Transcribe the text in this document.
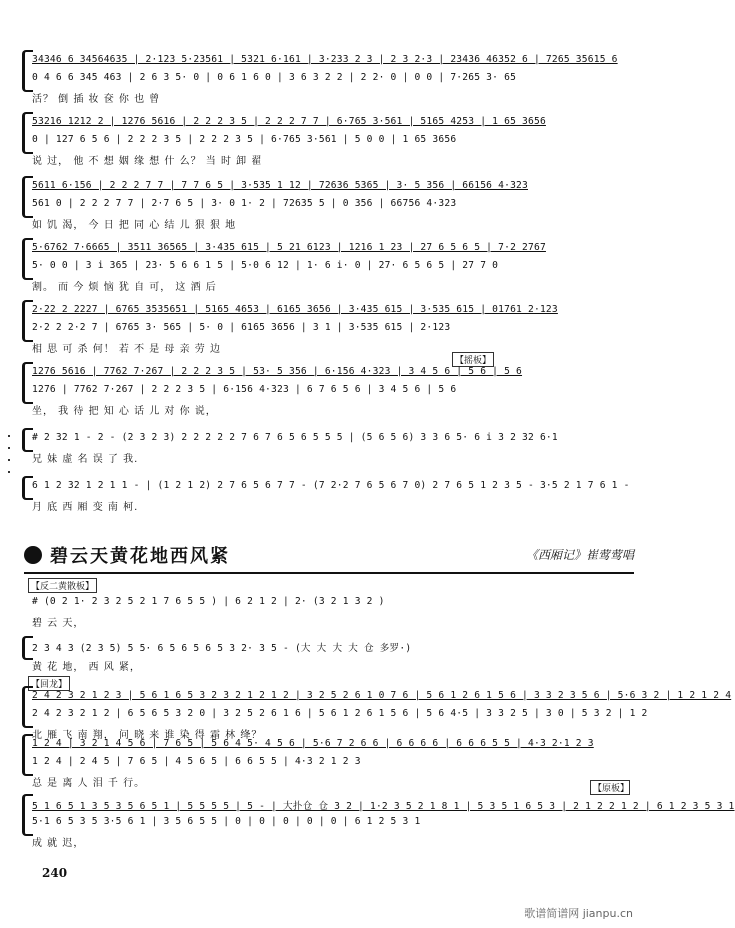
34346 6 34564635 | 2·123 5·23561 | 5321 6·161 | 3·233 2 3 | 2 3 2·3 | 23436 46352 6 | 7265 35615 6
0 4 6 6 345 463 | 2 6 3 5· 0 | 0 6 1 6 0 | 3 6 3 2 2 | 2 2· 0 | 0 0 | 7·265 3· 65
活？ 倒 插 妆 奁 你 也 曾
53216 1212 2 | 1276 5616 | 2 2 2 3 5 | 2 2 2 7 7 | 6·765 3·561 | 5165 4253 | 1 65 3656
0 | 127 6 5 6 | 2 2 2 3 5 | 2 2 2 3 5 | 6·765 3·561 | 5 0 0 | 1 65 3656
说 过， 他 不 想 姻 缘 想 什 么？ 当 时 卸 翟
5611 6·156 | 2 2 2 7 7 | 7 7 6 5 | 3·535 1 12 | 72636 5365 | 3· 5 356 | 66156 4·323
561 0 | 2 2 2 7 7 | 2·7 6 5 | 3· 0 1· 2 | 72635 5 | 0 356 | 66756 4·323
如 饥 渴， 今 日 把 同 心 结 儿 狠 狠 地
5·6762 7·6665 | 3511 36565 | 3·435 615 | 5 21 6123 | 1216 1 23 | 27 6 5 6 5 | 7·2 2767
5· 0 0 | 3 i 365 | 23· 5 6 6 1 5 | 5·0 6 12 | 1· 6 i· 0 | 27· 6 5 6 5 | 27 7 0
割。 而 今 烦 恼 犹 自 可， 这 酒 后
2·22 2 2227 | 6765 3535651 | 5165 4653 | 6165 3656 | 3·435 615 | 3·535 615 | 01761 2·123
2·2 2 2·2 7 | 6765 3· 565 | 5· 0 | 6165 3656 | 3 1 | 3·535 615 | 2·123
相 思 可 杀 何！ 若 不 是 母 亲 劳 边
【摇板】
1276 5616 | 7762 7·267 | 2 2 2 3 5 | 53· 5 356 | 6·156 4·323 | 3 4 5 6 | 5 6 | 5 6
1276 | 7762 7·267 | 2 2 2 3 5 | 6·156 4·323 | 6 7 6 5 6 | 3 4 5 6 | 5 6
坐， 我 待 把 知 心 话 儿 对 你 说，
# 2 32 1 - 2 - (2 3 2 3) 2 2 2 2 2 7 6 7 6 5 6 5 5 5 | (5 6 5 6) 3 3 6 5· 6 i 3 2 32 6·1
兄 妹 虚 名 误 了 我.
6 1 2 32 1 2 1 1 - | (1 2 1 2) 2 7 6 5 6 7 7 - (7 2·2 7 6 5 6 7 0) 2 7 6 5 1 2 3 5 - 3·5 2 1 7 6 1 -
月 底 西 厢 变 南 柯.
碧云天黄花地西风紧	《西厢记》崔莺莺唱
【反二黄散板】
# (0 2 1· 2 3 2 5 2 1 7 6 5 5 ) | 6 2 1 2 | 2· (3 2 1 3 2 )
碧 云 天，
2 3 4 3 (2 3 5) 5 5· 6 5 6 5 6 5 3 2· 3 5 - (大 大 大 大 仓 多罗·)
黄 花 地， 西 风 紧，
【回龙】
2 4 2 3 2 1 2 3 | 5 6 1 6 5 3 2 3 2 1 2 1 2 | 3 2 5 2 6 1 0 7 6 | 5 6 1 2 6 1 5 6 | 3 3 2 3 5 6 | 5·6 3 2 | 1 2 1 2 4
2 4 2 3 2 1 2 | 6 5 6 5 3 2 0 | 3 2 5 2 6 1 6 | 5 6 1 2 6 1 5 6 | 5 6 4·5 | 3 3 2 5 | 3 0 | 5 3 2 | 1 2
北 雁 飞 南 翔， 问 晓 来 谁 染 得 霜 林 绛？
1 2 4 | 3 2 1 4 5 6 | 7 6 5 | 5 6 4 5· 4 5 6 | 5·6 7 2 6 6 | 6 6 6 6 | 6 6 6 5 5 | 4·3 2·1 2 3
1 2 4 | 2 4 5 | 7 6 5 | 4 5 6 5 | 6 6 5 5 | 4·3 2 1 2 3
总 是 离 人 泪 千 行。	【原板】
5 1 6 5 1 3 5 3 5 6 5 1 | 5 5 5 5 | 5 - | 大扑仓 仓 3 2 | 1·2 3 5 2 1 8 1 | 5 3 5 1 6 5 3 | 2 1 2 2 1 2 | 6 1 2 3 5 3 1
5·1 6 5 3 5 3·5 6 1 | 3 5 6 5 5 | 0 | 0 | 0 | 0 | 0 | 6 1 2 5 3 1
成 就 迟，
240
歌谱简谱网 jianpu.cn
